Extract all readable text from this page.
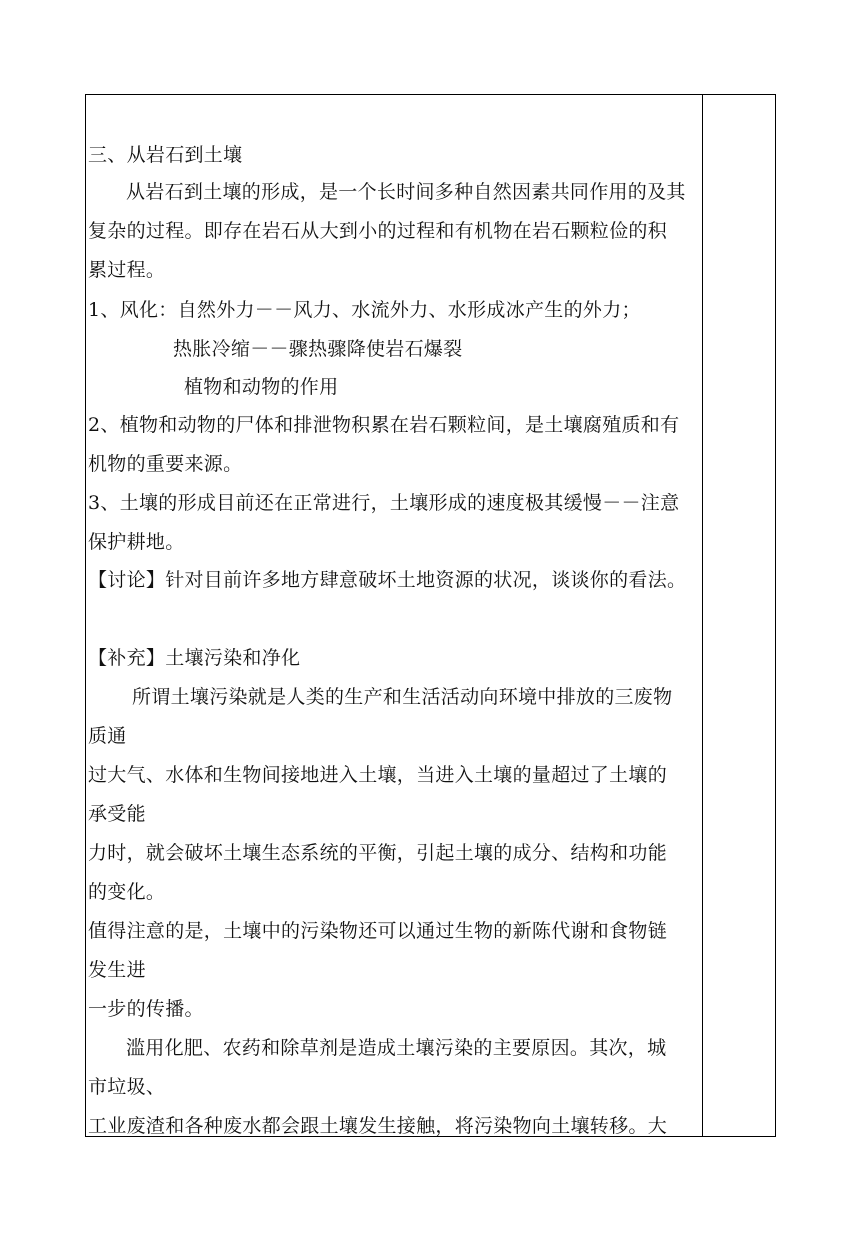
三、从岩石到土壤
从岩石到土壤的形成，是一个长时间多种自然因素共同作用的及其
复杂的过程。即存在岩石从大到小的过程和有机物在岩石颗粒俭的积
累过程。
1、风化：自然外力－－风力、水流外力、水形成冰产生的外力；
热胀冷缩－－骤热骤降使岩石爆裂
植物和动物的作用
2、植物和动物的尸体和排泄物积累在岩石颗粒间，是土壤腐殖质和有
机物的重要来源。
3、土壤的形成目前还在正常进行，土壤形成的速度极其缓慢－－注意
保护耕地。
【讨论】针对目前许多地方肆意破坏土地资源的状况，谈谈你的看法。
【补充】土壤污染和净化
所谓土壤污染就是人类的生产和生活活动向环境中排放的三废物
质通
过大气、水体和生物间接地进入土壤，当进入土壤的量超过了土壤的
承受能
力时，就会破坏土壤生态系统的平衡，引起土壤的成分、结构和功能
的变化。
值得注意的是，土壤中的污染物还可以通过生物的新陈代谢和食物链
发生进
一步的传播。
滥用化肥、农药和除草剂是造成土壤污染的主要原因。其次，城
市垃圾、
工业废渣和各种废水都会跟土壤发生接触，将污染物向土壤转移。大
